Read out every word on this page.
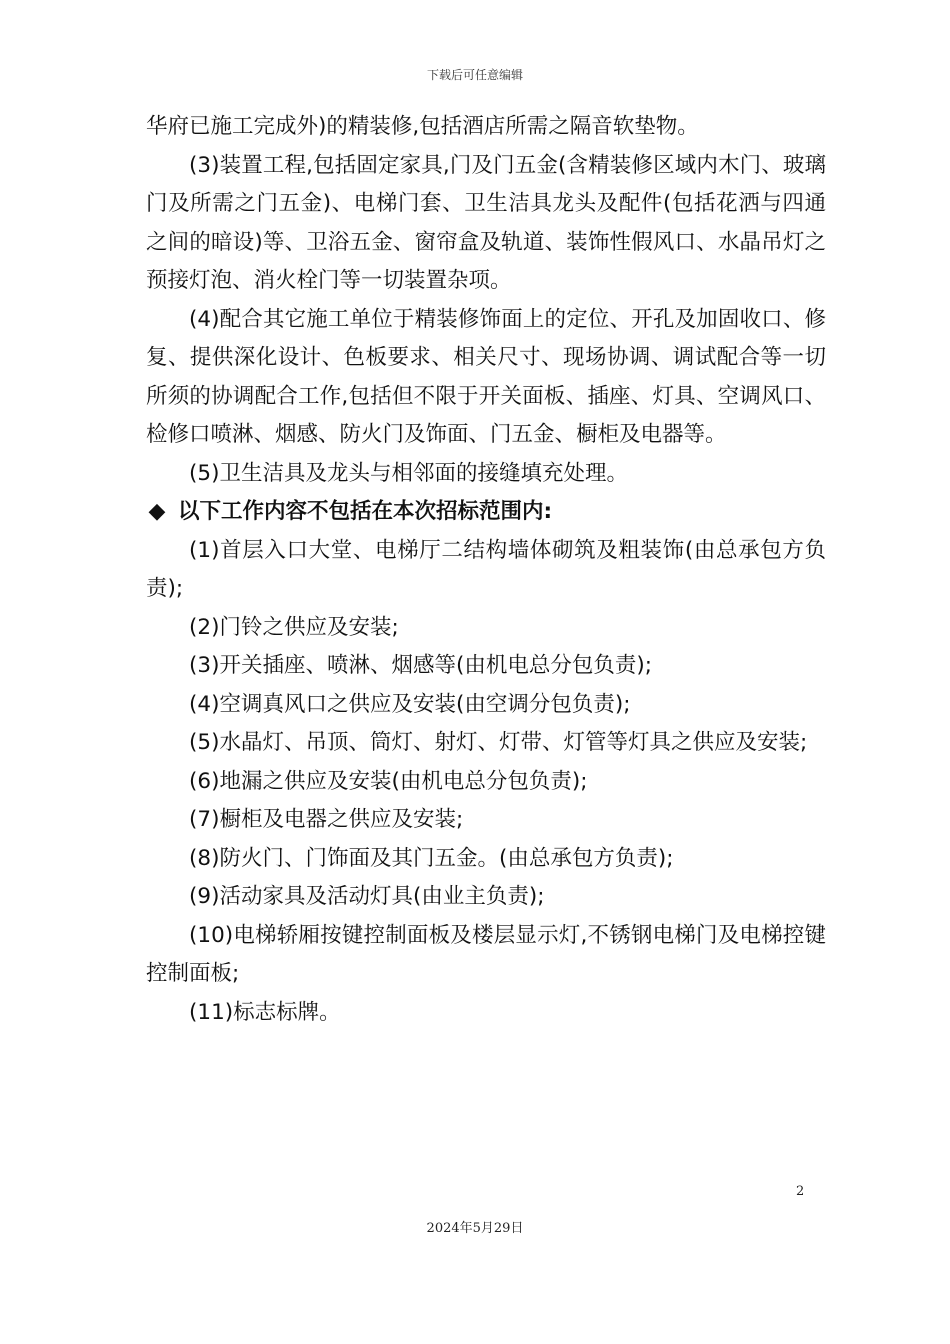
下载后可任意编辑

华府已施工完成外)的精装修,包括酒店所需之隔音软垫物。

(3)装置工程,包括固定家具,门及门五金(含精装修区域内木门、玻璃门及所需之门五金)、电梯门套、卫生洁具龙头及配件(包括花洒与四通之间的暗设)等、卫浴五金、窗帘盒及轨道、装饰性假风口、水晶吊灯之预接灯泡、消火栓门等一切装置杂项。

(4)配合其它施工单位于精装修饰面上的定位、开孔及加固收口、修复、提供深化设计、色板要求、相关尺寸、现场协调、调试配合等一切所须的协调配合工作,包括但不限于开关面板、插座、灯具、空调风口、检修口喷淋、烟感、防火门及饰面、门五金、橱柜及电器等。

(5)卫生洁具及龙头与相邻面的接缝填充处理。

◆ 以下工作内容不包括在本次招标范围内:

(1)首层入口大堂、电梯厅二结构墙体砌筑及粗装饰(由总承包方负责);

(2)门铃之供应及安装;

(3)开关插座、喷淋、烟感等(由机电总分包负责);

(4)空调真风口之供应及安装(由空调分包负责);

(5)水晶灯、吊顶、筒灯、射灯、灯带、灯管等灯具之供应及安装;

(6)地漏之供应及安装(由机电总分包负责);

(7)橱柜及电器之供应及安装;

(8)防火门、门饰面及其门五金。(由总承包方负责);

(9)活动家具及活动灯具(由业主负责);

(10)电梯轿厢按键控制面板及楼层显示灯,不锈钢电梯门及电梯控键控制面板;

(11)标志标牌。

2
2024年5月29日
